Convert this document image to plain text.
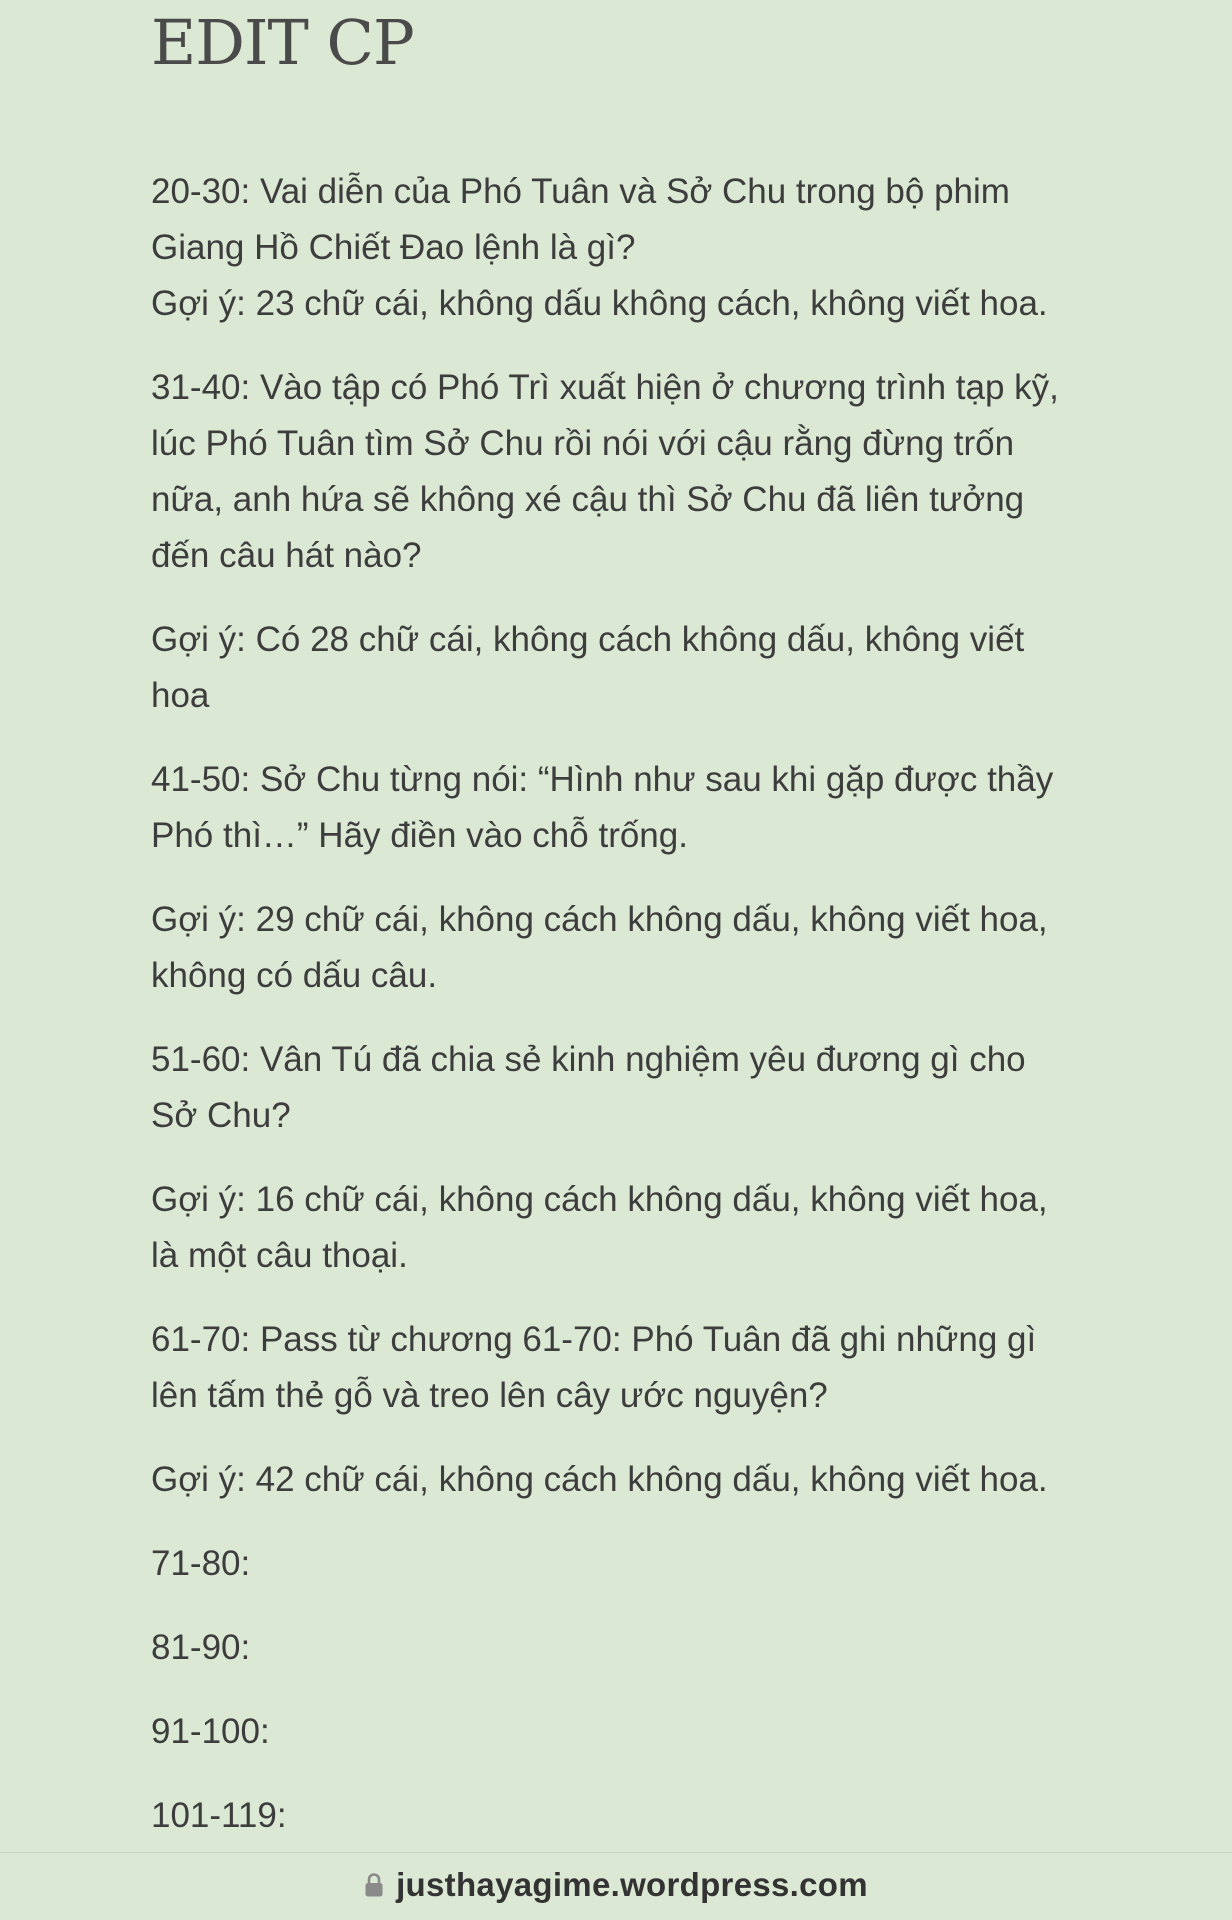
EDIT CP

20-30: Vai diễn của Phó Tuân và Sở Chu trong bộ phim
Giang Hồ Chiết Đao lệnh là gì?
Gợi ý: 23 chữ cái, không dấu không cách, không viết hoa.

31-40: Vào tập có Phó Trì xuất hiện ở chương trình tạp kỹ,
lúc Phó Tuân tìm Sở Chu rồi nói với cậu rằng đừng trốn
nữa, anh hứa sẽ không xé cậu thì Sở Chu đã liên tưởng
đến câu hát nào?

Gợi ý: Có 28 chữ cái, không cách không dấu, không viết
hoa

41-50: Sở Chu từng nói: “Hình như sau khi gặp được thầy
Phó thì…” Hãy điền vào chỗ trống.

Gợi ý: 29 chữ cái, không cách không dấu, không viết hoa,
không có dấu câu.

51-60: Vân Tú đã chia sẻ kinh nghiệm yêu đương gì cho
Sở Chu?

Gợi ý: 16 chữ cái, không cách không dấu, không viết hoa,
là một câu thoại.

61-70: Pass từ chương 61-70: Phó Tuân đã ghi những gì
lên tấm thẻ gỗ và treo lên cây ước nguyện?

Gợi ý: 42 chữ cái, không cách không dấu, không viết hoa.

71-80:

81-90:

91-100:

101-119:

justhayagime.wordpress.com
